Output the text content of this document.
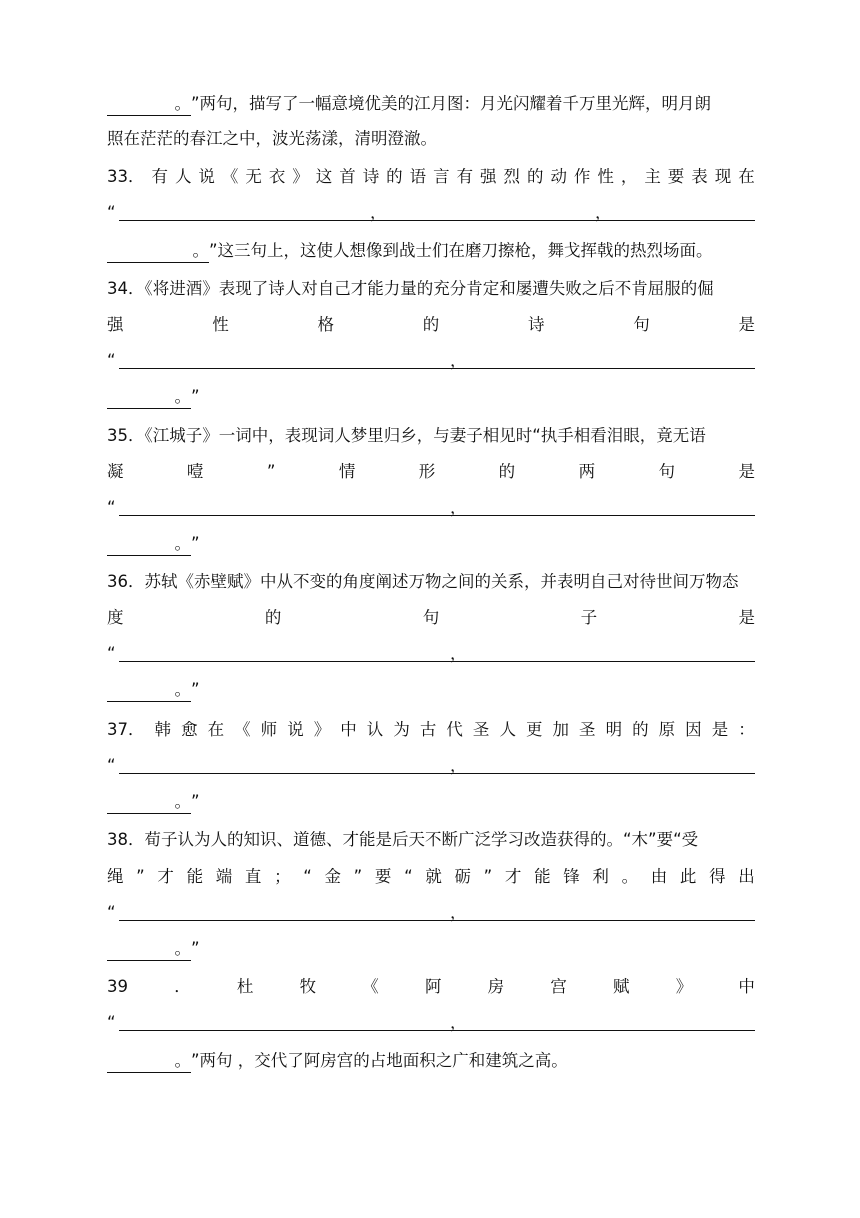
。”两句，描写了一幅意境优美的江月图：月光闪耀着千万里光辉，明月朗
照在茫茫的春江之中，波光荡漾，清明澄澈。
33． 有 人 说 《 无 衣 》 这 首 诗 的 语 言 有 强 烈 的 动 作 性 ， 主 要 表 现 在
“	，	，
。”这三句上，这使人想像到战士们在磨刀擦枪，舞戈挥戟的热烈场面。
34．《将进酒》表现了诗人对自己才能力量的充分肯定和屡遭失败之后不肯屈服的倔
强	性	格	的	诗	句	是
“	，
。”
35．《江城子》一词中，表现词人梦里归乡，与妻子相见时“执手相看泪眼，竟无语
凝	噎	”	情	形	的	两	句	是
“	，
。”
36．苏轼《赤壁赋》中从不变的角度阐述万物之间的关系，并表明自己对待世间万物态
度	的	句	子	是
“	，
。”
37． 韩 愈 在 《 师 说 》 中 认 为 古 代 圣 人 更 加 圣 明 的 原 因 是 ：
“	，
。”
38．荀子认为人的知识、道德、才能是后天不断广泛学习改造获得的。“木”要“受
绳 ” 才 能 端 直 ； “ 金 ” 要 “ 就 砺 ” 才 能 锋 利 。 由 此 得 出
“	，
。”
39	．	杜	牧	《	阿	房	宫	赋	》	中
“	，
。”两句 ，交代了阿房宫的占地面积之广和建筑之高。
